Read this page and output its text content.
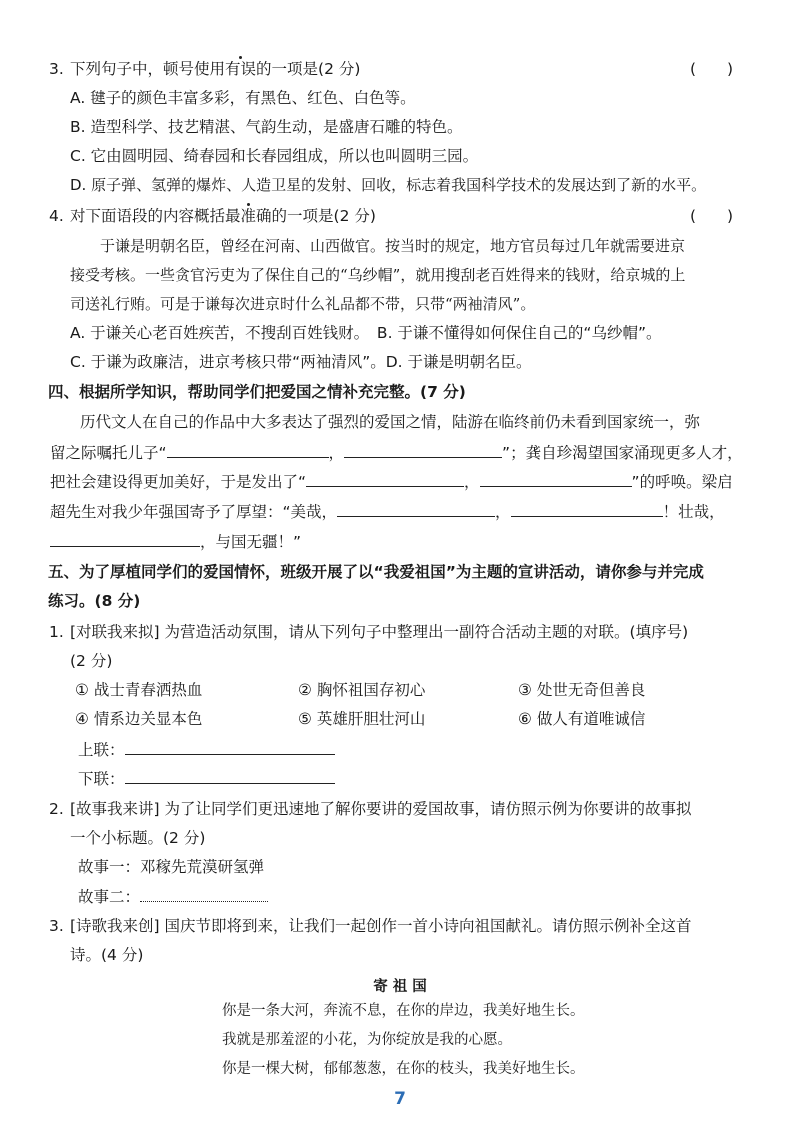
3. 下列句子中，顿号使用有误的一项是(2 分)	(　　)
A. 毽子的颜色丰富多彩，有黑色、红色、白色等。
B. 造型科学、技艺精湛、气韵生动，是盛唐石雕的特色。
C. 它由圆明园、绮春园和长春园组成，所以也叫圆明三园。
D. 原子弹、氢弹的爆炸、人造卫星的发射、回收，标志着我国科学技术的发展达到了新的水平。
4. 对下面语段的内容概括最准确的一项是(2 分)	(　　)
于谦是明朝名臣，曾经在河南、山西做官。按当时的规定，地方官员每过几年就需要进京
接受考核。一些贪官污吏为了保住自己的“乌纱帽”，就用搜刮老百姓得来的钱财，给京城的上
司送礼行贿。可是于谦每次进京时什么礼品都不带，只带“两袖清风”。
A. 于谦关心老百姓疾苦，不搜刮百姓钱财。　B. 于谦不懂得如何保住自己的“乌纱帽”。
C. 于谦为政廉洁，进京考核只带“两袖清风”。D. 于谦是明朝名臣。
四、根据所学知识，帮助同学们把爱国之情补充完整。(7 分)
历代文人在自己的作品中大多表达了强烈的爱国之情，陆游在临终前仍未看到国家统一，弥
留之际嘱托儿子“	，	”；龚自珍渴望国家涌现更多人才，
把社会建设得更加美好，于是发出了“	，	”的呼唤。梁启
超先生对我少年强国寄予了厚望：“美哉，	，	！壮哉，
，与国无疆！”
五、为了厚植同学们的爱国情怀，班级开展了以“我爱祖国”为主题的宣讲活动，请你参与并完成
练习。(8 分)
1. [对联我来拟] 为营造活动氛围，请从下列句子中整理出一副符合活动主题的对联。(填序号)
(2 分)
① 战士青春洒热血	② 胸怀祖国存初心	③ 处世无奇但善良
④ 情系边关显本色	⑤ 英雄肝胆壮河山	⑥ 做人有道唯诚信
上联：
下联：
2. [故事我来讲] 为了让同学们更迅速地了解你要讲的爱国故事，请仿照示例为你要讲的故事拟
一个小标题。(2 分)
故事一：邓稼先荒漠研氢弹
故事二：
3. [诗歌我来创] 国庆节即将到来，让我们一起创作一首小诗向祖国献礼。请仿照示例补全这首
诗。(4 分)
寄 祖 国
你是一条大河，奔流不息，在你的岸边，我美好地生长。
我就是那羞涩的小花，为你绽放是我的心愿。
你是一棵大树，郁郁葱葱，在你的枝头，我美好地生长。
7
